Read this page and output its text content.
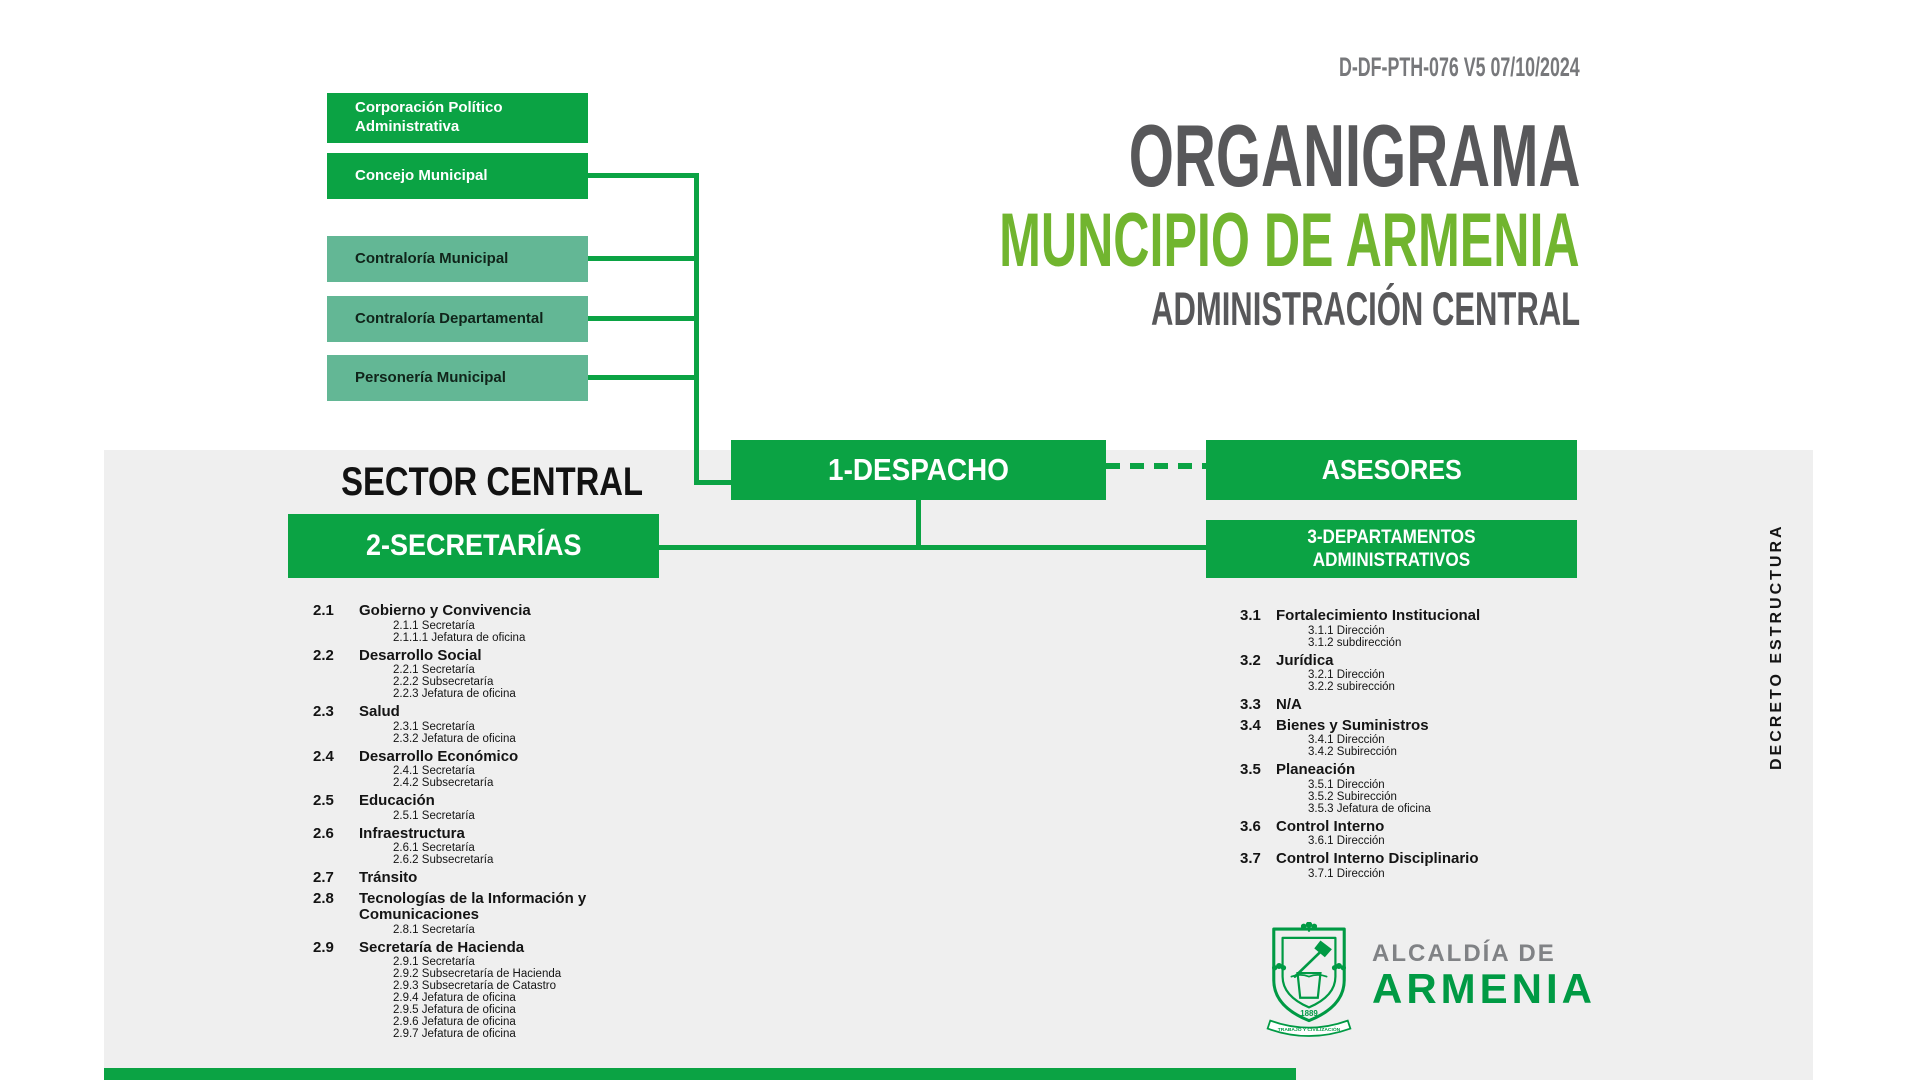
D-DF-PTH-076 V5 07/10/2024
ORGANIGRAMA
MUNCIPIO DE ARMENIA
ADMINISTRACIÓN CENTRAL
Corporación Político Administrativa
Concejo Municipal
Contraloría Municipal
Contraloría Departamental
Personería Municipal
SECTOR CENTRAL	1-DESPACHO	ASESORES
2-SECRETARÍAS	3-DEPARTAMENTOS
ADMINISTRATIVOS
2.1	Gobierno y Convivencia
2.1.1 Secretaría
2.1.1.1 Jefatura de oficina
2.2	Desarrollo Social
2.2.1 Secretaría
2.2.2 Subsecretaría
2.2.3 Jefatura de oficina
2.3	Salud
2.3.1 Secretaría
2.3.2 Jefatura de oficina
2.4	Desarrollo Económico
2.4.1 Secretaría
2.4.2 Subsecretaría
2.5	Educación
2.5.1 Secretaría
2.6	Infraestructura
2.6.1 Secretaría
2.6.2 Subsecretaría
2.7	Tránsito
2.8	Tecnologías de la Información y Comunicaciones
2.8.1 Secretaría
2.9	Secretaría de Hacienda
2.9.1 Secretaría
2.9.2 Subsecretaría de Hacienda
2.9.3 Subsecretaría de Catastro
2.9.4 Jefatura de oficina
2.9.5 Jefatura de oficina
2.9.6 Jefatura de oficina
2.9.7 Jefatura de oficina
3.1	Fortalecimiento Institucional
3.1.1 Dirección
3.1.2 subdirección
3.2	Jurídica
3.2.1 Dirección
3.2.2 subirección
3.3	N/A
3.4	Bienes y Suministros
3.4.1 Dirección
3.4.2 Subirección
3.5	Planeación
3.5.1 Dirección
3.5.2 Subirección
3.5.3 Jefatura de oficina
3.6	Control Interno
3.6.1 Dirección
3.7	Control Interno Disciplinario
3.7.1 Dirección
DECRETO ESTRUCTURA
1889
TRABAJO Y CIVILIZACIÓN
ALCALDÍA DE
ARMENIA
